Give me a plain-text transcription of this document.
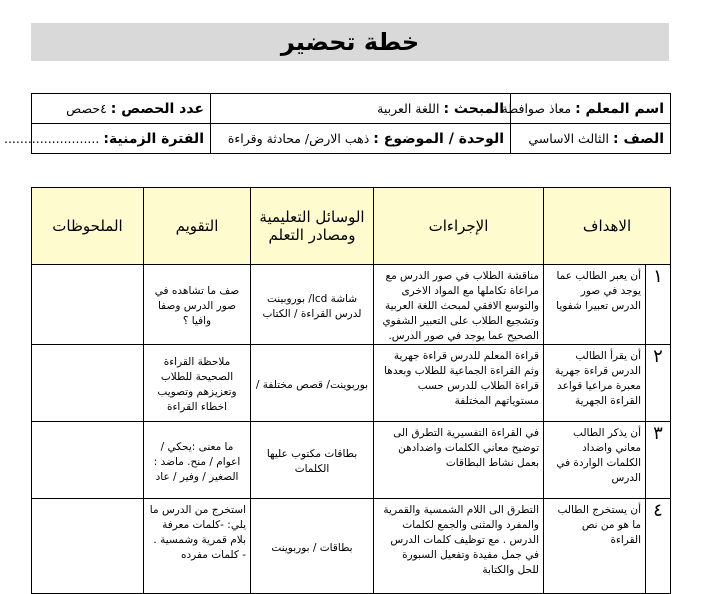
خطة تحضير
اسم المعلم : معاذ صوافطة	المبحث : اللغة العربية	عدد الحصص : ٤حصص
الصف : الثالث الاساسي	الوحدة / الموضوع : ذهب الارض/ محادثة وقراءة	الفترة الزمنية: ........................
الاهداف		الإجراءات	الوسائل التعليمية ومصادر التعلم	التقويم	الملحوظات
١	أن يعبر الطالب عما يوجد في صور الدرس تعبيرا شفويا	مناقشة الطلاب في صور الدرس مع مراعاة تكاملها مع المواد الاخرى والتوسع الافقي لمبحث اللغة العربية وتشجيع الطلاب على التعبير الشفوي الصحيح عما يوجد في صور الدرس.	شاشة lcd/ بوروبينت لدرس القراءة / الكتاب	صف ما تشاهده في صور الدرس وصفا وافيا ؟	
٢	أن يقرأ الطالب الدرس قراءة جهرية معبرة مراعيا قواعد القراءة الجهرية	قراءة المعلم للدرس قراءة جهرية وثم القراءة الجماعية للطلاب وبعدها قراءة الطلاب للدرس حسب مستوياتهم المختلفة	بوربوينت/ قصص مختلفة /	ملاحظة القراءة الصحيحة للطلاب وتعزيزهم وتصويب اخطاء القراءة	
٣	أن يذكر الطالب معاني واضداد الكلمات الواردة في الدرس	في القراءة التفسيرية التطرق الى توضيح معاني الكلمات واضدادهن بعمل نشاط البطاقات	بطاقات مكتوب عليها الكلمات	ما معنى :يحكي / اعوام / منح. ماضد : الصغير / وفير / عاد	
٤	أن يستخرج الطالب ما هو من نص القراءة	التطرق الى اللام الشمسية والقمرية والمفرد والمثنى والجمع لكلمات الدرس . مع توظيف كلمات الدرس في جمل مفيدة وتفعيل السبورة للحل والكتابة	بطاقات / بوربوينت	استخرج من الدرس ما يلي: -كلمات معرفة بلام قمرية وشمسية . - كلمات مفرده	
